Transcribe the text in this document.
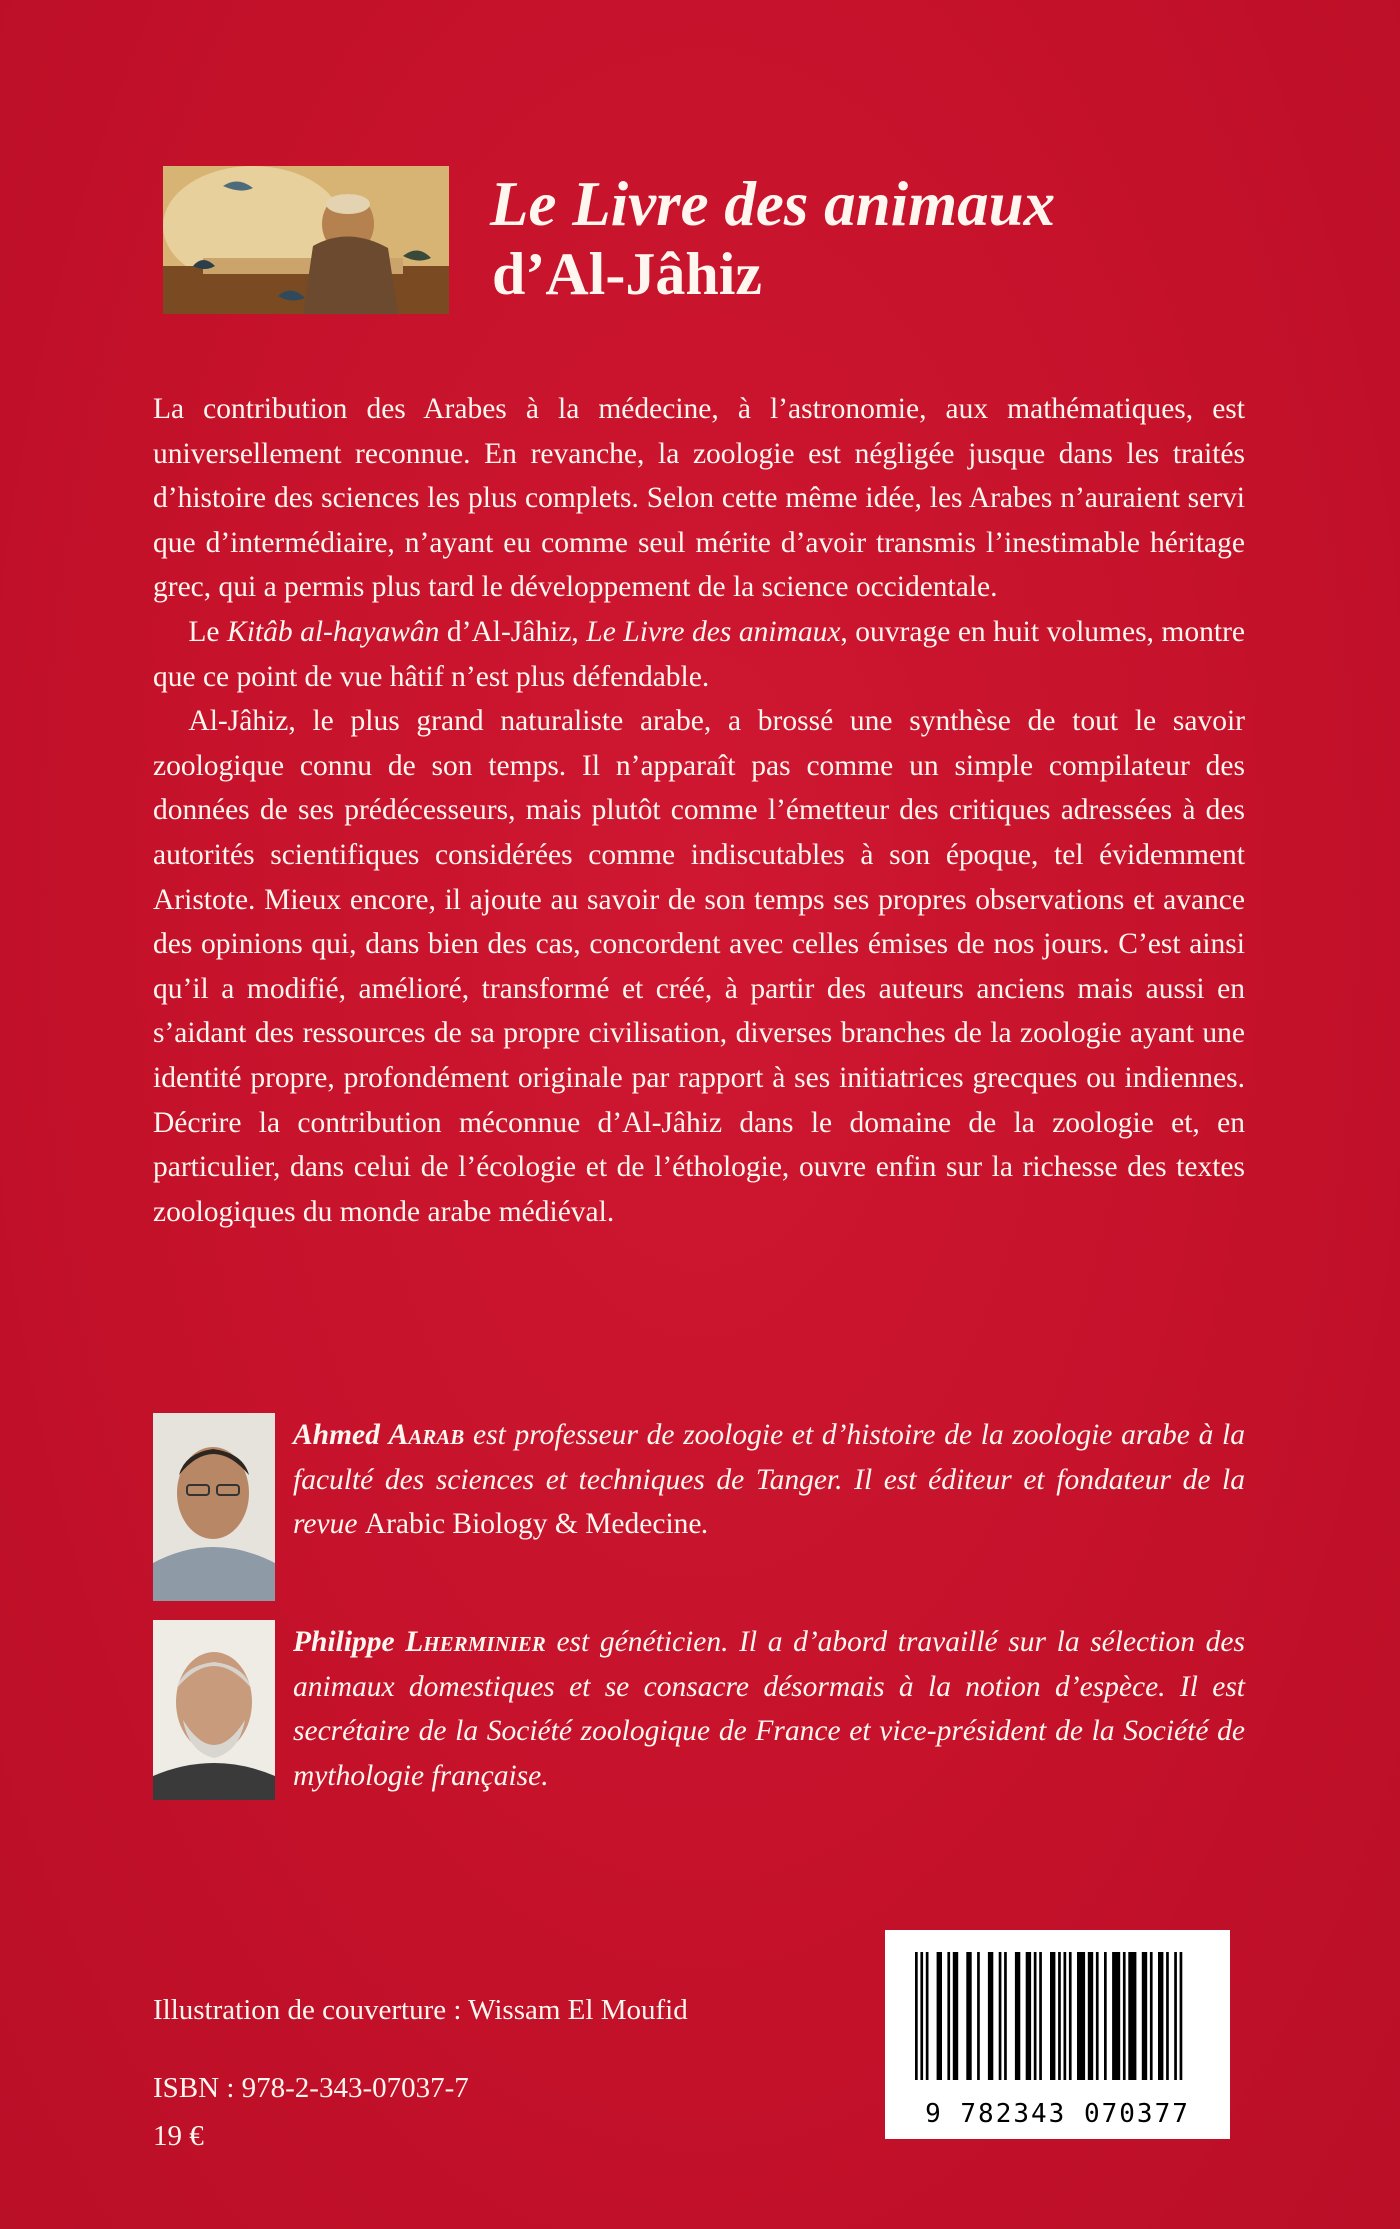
Le Livre des animaux
d’Al-Jâhiz

La contribution des Arabes à la médecine, à l’astronomie, aux mathématiques, est universellement reconnue. En revanche, la zoologie est négligée jusque dans les traités d’histoire des sciences les plus complets. Selon cette même idée, les Arabes n’auraient servi que d’intermédiaire, n’ayant eu comme seul mérite d’avoir transmis l’inestimable héritage grec, qui a permis plus tard le développement de la science occidentale.

Le Kitâb al-hayawân d’Al-Jâhiz, Le Livre des animaux, ouvrage en huit volumes, montre que ce point de vue hâtif n’est plus défendable.

Al-Jâhiz, le plus grand naturaliste arabe, a brossé une synthèse de tout le savoir zoologique connu de son temps. Il n’apparaît pas comme un simple compilateur des données de ses prédécesseurs, mais plutôt comme l’émetteur des critiques adressées à des autorités scientifiques considérées comme indiscutables à son époque, tel évidemment Aristote. Mieux encore, il ajoute au savoir de son temps ses propres observations et avance des opinions qui, dans bien des cas, concordent avec celles émises de nos jours. C’est ainsi qu’il a modifié, amélioré, transformé et créé, à partir des auteurs anciens mais aussi en s’aidant des ressources de sa propre civilisation, diverses branches de la zoologie ayant une identité propre, profondément originale par rapport à ses initiatrices grecques ou indiennes. Décrire la contribution méconnue d’Al-Jâhiz dans le domaine de la zoologie et, en particulier, dans celui de l’écologie et de l’éthologie, ouvre enfin sur la richesse des textes zoologiques du monde arabe médiéval.

Ahmed Aarab est professeur de zoologie et d’histoire de la zoologie arabe à la faculté des sciences et techniques de Tanger. Il est éditeur et fondateur de la revue Arabic Biology & Medecine.
Philippe Lherminier est généticien. Il a d’abord travaillé sur la sélection des animaux domestiques et se consacre désormais à la notion d’espèce. Il est secrétaire de la Société zoologique de France et vice-président de la Société de mythologie française.
Illustration de couverture : Wissam El Moufid
ISBN : 978-2-343-07037-7
19 €
9 782343 070377
